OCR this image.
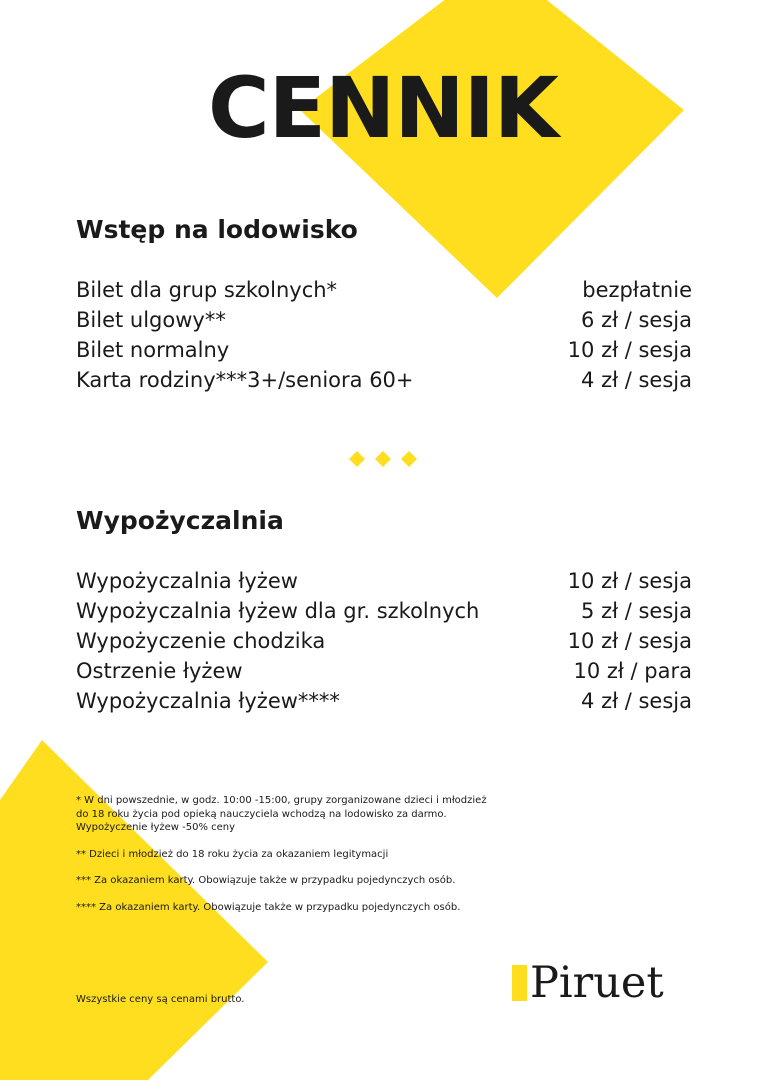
CENNIK
Wstęp na lodowisko
Bilet dla grup szkolnych*	bezpłatnie
Bilet ulgowy**	6 zł / sesja
Bilet normalny	10 zł / sesja
Karta rodziny***3+/seniora 60+	4 zł / sesja
Wypożyczalnia
Wypożyczalnia łyżew	10 zł / sesja
Wypożyczalnia łyżew dla gr. szkolnych	5 zł / sesja
Wypożyczenie chodzika	10 zł / sesja
Ostrzenie łyżew	10 zł / para
Wypożyczalnia łyżew****	4 zł / sesja

* W dni powszednie, w godz. 10:00 -15:00, grupy zorganizowane dzieci i młodzież
do 18 roku życia pod opieką nauczyciela wchodzą na lodowisko za darmo.
Wypożyczenie łyżew -50% ceny

** Dzieci i młodzież do 18 roku życia za okazaniem legitymacji

*** Za okazaniem karty. Obowiązuje także w przypadku pojedynczych osób.

**** Za okazaniem karty. Obowiązuje także w przypadku pojedynczych osób.

Wszystkie ceny są cenami brutto.	Piruet
